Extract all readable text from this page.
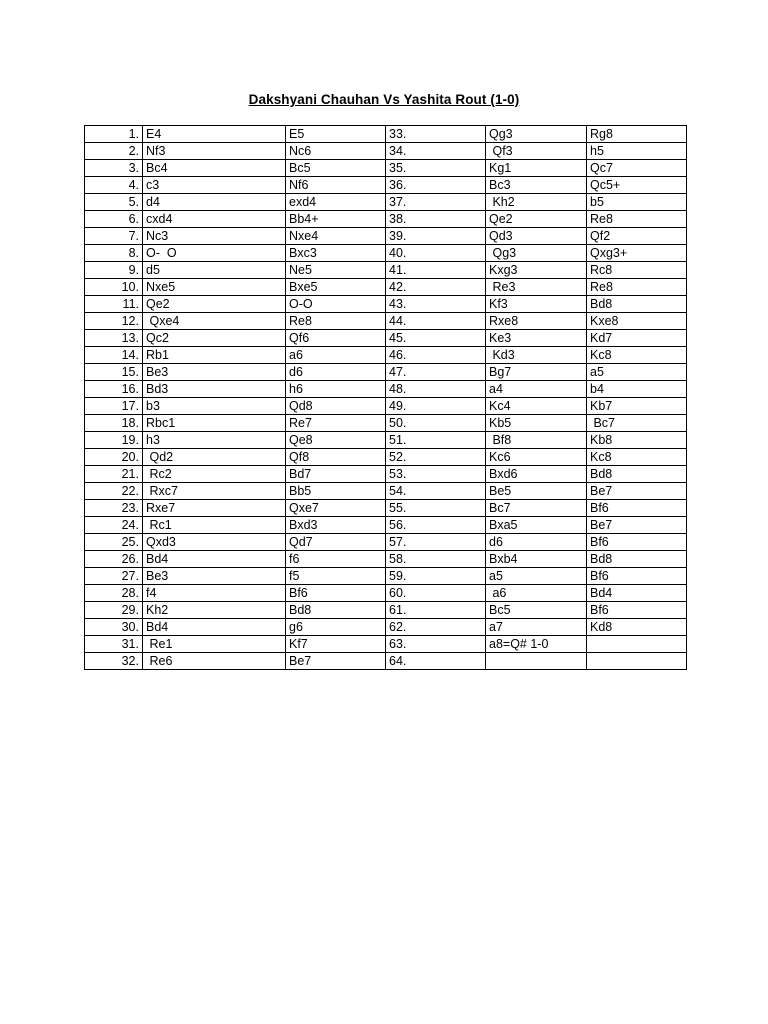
Dakshyani Chauhan Vs Yashita Rout (1-0)
1.	E4	E5	33.	Qg3	Rg8
2.	Nf3	Nc6	34.	Qf3	h5
3.	Bc4	Bc5	35.	Kg1	Qc7
4.	c3	Nf6	36.	Bc3	Qc5+
5.	d4	exd4	37.	Kh2	b5
6.	cxd4	Bb4+	38.	Qe2	Re8
7.	Nc3	Nxe4	39.	Qd3	Qf2
8.	O-  O	Bxc3	40.	Qg3	Qxg3+
9.	d5	Ne5	41.	Kxg3	Rc8
10.	Nxe5	Bxe5	42.	Re3	Re8
11.	Qe2	O-O	43.	Kf3	Bd8
12.	Qxe4	Re8	44.	Rxe8	Kxe8
13.	Qc2	Qf6	45.	Ke3	Kd7
14.	Rb1	a6	46.	Kd3	Kc8
15.	Be3	d6	47.	Bg7	a5
16.	Bd3	h6	48.	a4	b4
17.	b3	Qd8	49.	Kc4	Kb7
18.	Rbc1	Re7	50.	Kb5	Bc7
19.	h3	Qe8	51.	Bf8	Kb8
20.	Qd2	Qf8	52.	Kc6	Kc8
21.	Rc2	Bd7	53.	Bxd6	Bd8
22.	Rxc7	Bb5	54.	Be5	Be7
23.	Rxe7	Qxe7	55.	Bc7	Bf6
24.	Rc1	Bxd3	56.	Bxa5	Be7
25.	Qxd3	Qd7	57.	d6	Bf6
26.	Bd4	f6	58.	Bxb4	Bd8
27.	Be3	f5	59.	a5	Bf6
28.	f4	Bf6	60.	a6	Bd4
29.	Kh2	Bd8	61.	Bc5	Bf6
30.	Bd4	g6	62.	a7	Kd8
31.	Re1	Kf7	63.	a8=Q# 1-0	
32.	Re6	Be7	64.		
